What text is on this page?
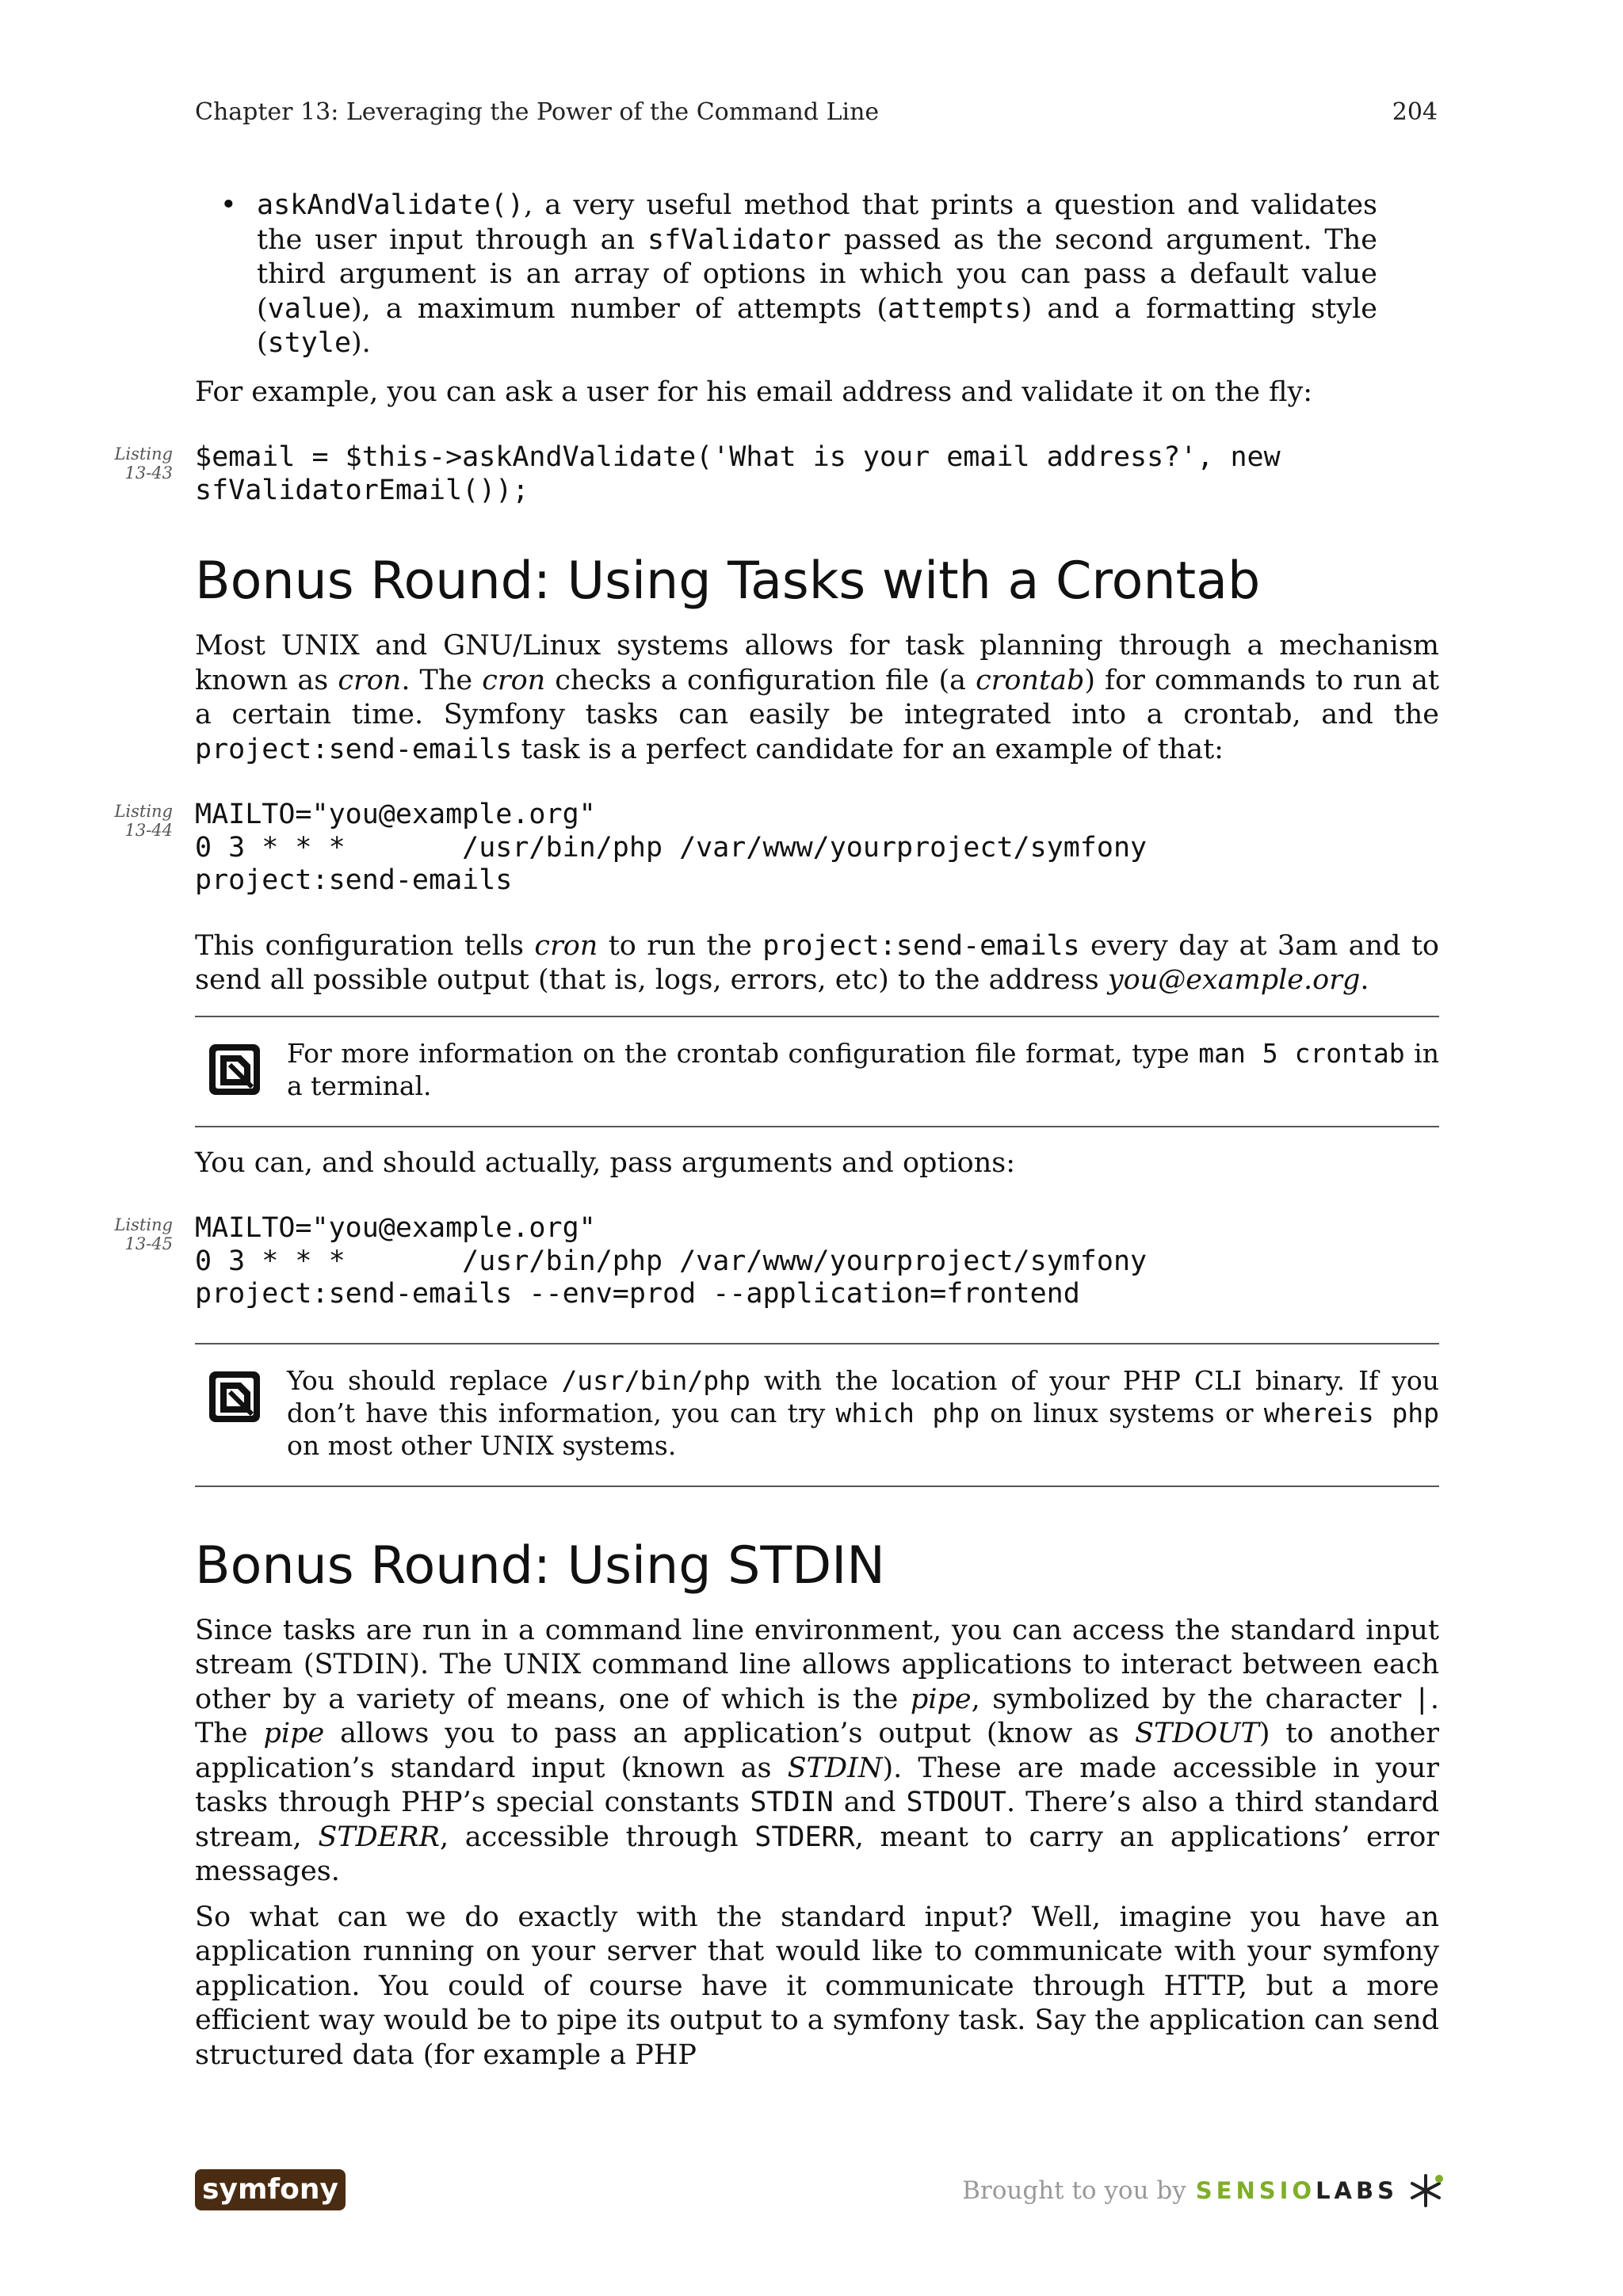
Chapter 13: Leveraging the Power of the Command Line	204
• askAndValidate(), a very useful method that prints a question and validates the user input through an sfValidator passed as the second argument. The third argument is an array of options in which you can pass a default value (value), a maximum number of attempts (attempts) and a formatting style (style).

For example, you can ask a user for his email address and validate it on the fly:

Listing
13-43 $email = $this->askAndValidate('What is your email address?', new
sfValidatorEmail());
Bonus Round: Using Tasks with a Crontab

Most UNIX and GNU/Linux systems allows for task planning through a mechanism known as cron. The cron checks a configuration file (a crontab) for commands to run at a certain time. Symfony tasks can easily be integrated into a crontab, and the project:send-emails task is a perfect candidate for an example of that:

Listing
13-44 MAILTO="you@example.org"
0 3 * * *       /usr/bin/php /var/www/yourproject/symfony
project:send-emails

This configuration tells cron to run the project:send-emails every day at 3am and to send all possible output (that is, logs, errors, etc) to the address you@example.org.

For more information on the crontab configuration file format, type man 5 crontab in a terminal.

You can, and should actually, pass arguments and options:

Listing
13-45 MAILTO="you@example.org"
0 3 * * *       /usr/bin/php /var/www/yourproject/symfony
project:send-emails --env=prod --application=frontend

You should replace /usr/bin/php with the location of your PHP CLI binary. If you don’t have this information, you can try which php on linux systems or whereis php on most other UNIX systems.

Bonus Round: Using STDIN

Since tasks are run in a command line environment, you can access the standard input stream (STDIN). The UNIX command line allows applications to interact between each other by a variety of means, one of which is the pipe, symbolized by the character |. The pipe allows you to pass an application’s output (know as STDOUT) to another application’s standard input (known as STDIN). These are made accessible in your tasks through PHP’s special constants STDIN and STDOUT. There’s also a third standard stream, STDERR, accessible through STDERR, meant to carry an applications’ error messages.

So what can we do exactly with the standard input? Well, imagine you have an application running on your server that would like to communicate with your symfony application. You could of course have it communicate through HTTP, but a more efficient way would be to pipe its output to a symfony task. Say the application can send structured data (for example a PHP

symfony	Brought to you by SENSIOLABS
